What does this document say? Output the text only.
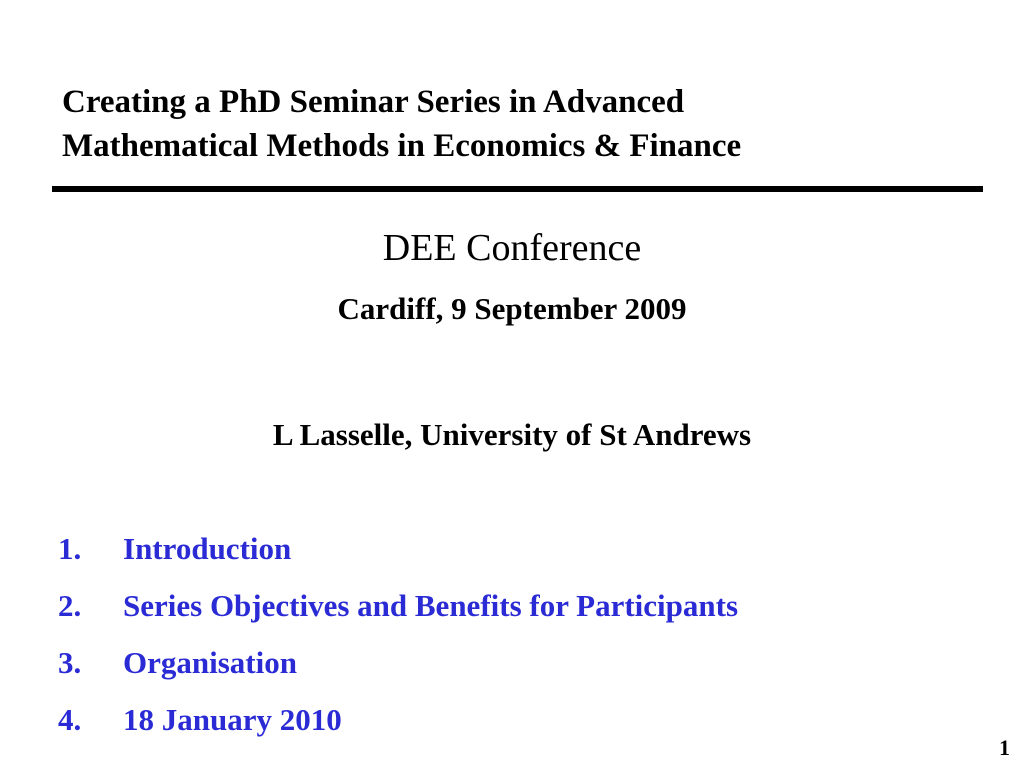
Creating a PhD Seminar Series in Advanced
Mathematical Methods in Economics & Finance

DEE Conference

Cardiff, 9 September 2009

L Lasselle, University of St Andrews

1. Introduction
2. Series Objectives and Benefits for Participants
3. Organisation
4. 18 January 2010
1
